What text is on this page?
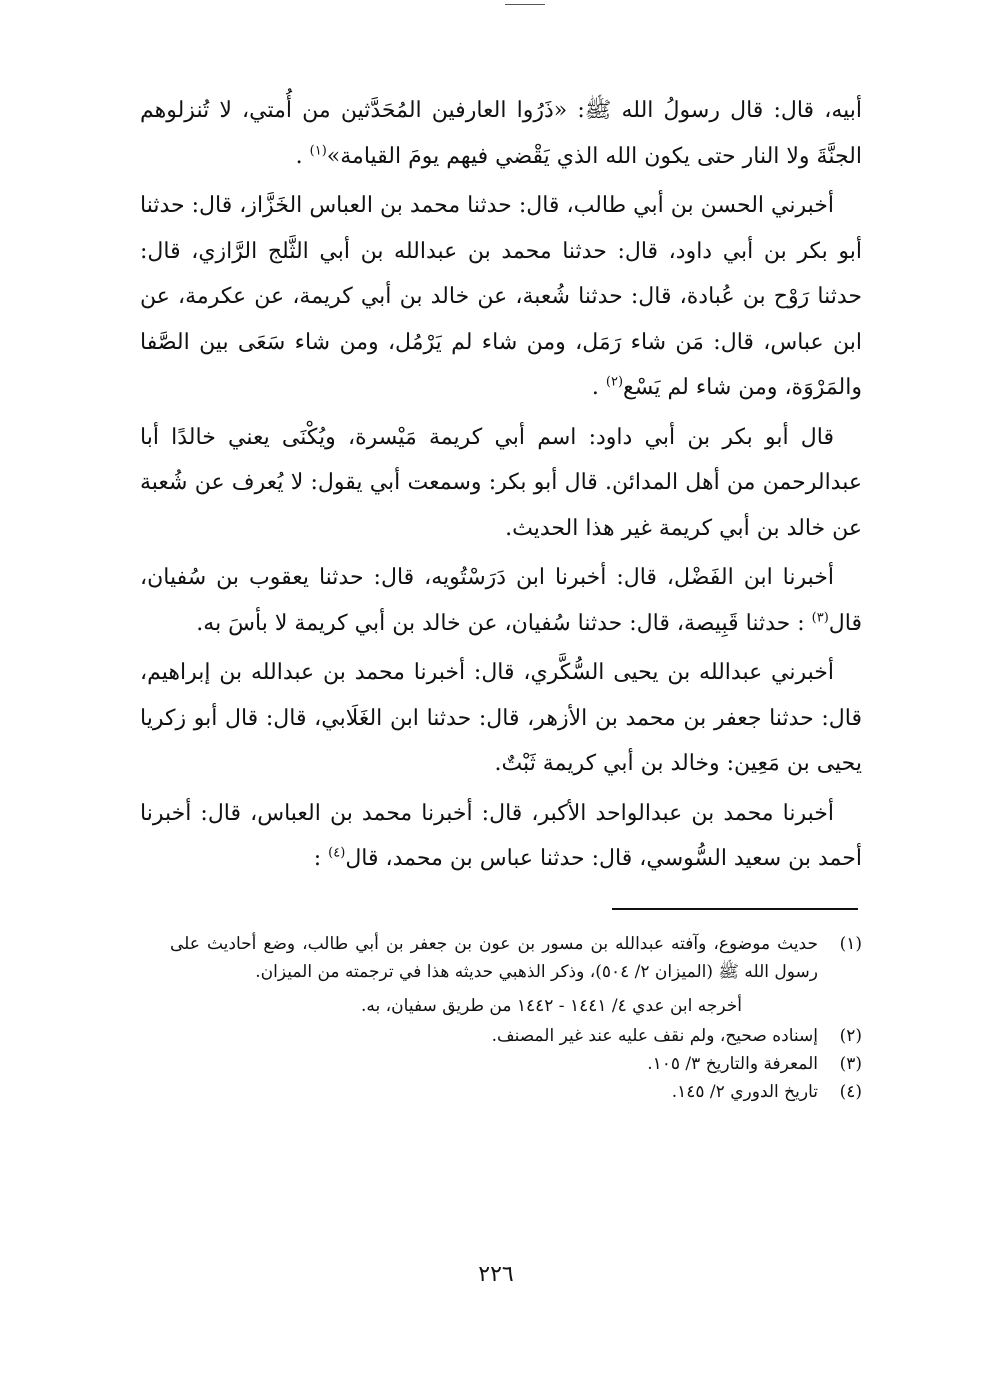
أبيه، قال: قال رسولُ الله ﷺ: «ذَرُوا العارفين المُحَدَّثين من أُمتي، لا تُنزلوهم الجنَّةَ ولا النار حتى يكون الله الذي يَقْضي فيهم يومَ القيامة»$^{(١)}$ .

أخبرني الحسن بن أبي طالب، قال: حدثنا محمد بن العباس الخَزَّاز، قال: حدثنا أبو بكر بن أبي داود، قال: حدثنا محمد بن عبدالله بن أبي الثَّلج الرَّازي، قال: حدثنا رَوْح بن عُبادة، قال: حدثنا شُعبة، عن خالد بن أبي كريمة، عن عكرمة، عن ابن عباس، قال: مَن شاء رَمَل، ومن شاء لم يَرْمُل، ومن شاء سَعَى بين الصَّفا والمَرْوَة، ومن شاء لم يَسْع$^{(٢)}$ .

قال أبو بكر بن أبي داود: اسم أبي كريمة مَيْسرة، ويُكْنَى يعني خالدًا أبا عبدالرحمن من أهل المدائن. قال أبو بكر: وسمعت أبي يقول: لا يُعرف عن شُعبة عن خالد بن أبي كريمة غير هذا الحديث.

أخبرنا ابن الفَضْل، قال: أخبرنا ابن دَرَسْتُويه، قال: حدثنا يعقوب بن سُفيان، قال$^{(٣)}$ : حدثنا قَبِيصة، قال: حدثنا سُفيان، عن خالد بن أبي كريمة لا بأسَ به.

أخبرني عبدالله بن يحيى السُّكَّري، قال: أخبرنا محمد بن عبدالله بن إبراهيم، قال: حدثنا جعفر بن محمد بن الأزهر، قال: حدثنا ابن الغَلَابي، قال: قال أبو زكريا يحيى بن مَعِين: وخالد بن أبي كريمة ثَبْتٌ.

أخبرنا محمد بن عبدالواحد الأكبر، قال: أخبرنا محمد بن العباس، قال: أخبرنا أحمد بن سعيد السُّوسي، قال: حدثنا عباس بن محمد، قال$^{(٤)}$ :

(١)
حديث موضوع، وآفته عبدالله بن مسور بن عون بن جعفر بن أبي طالب، وضع أحاديث على رسول الله ﷺ (الميزان ٢/ ٥٠٤)، وذكر الذهبي حديثه هذا في ترجمته من الميزان.
أخرجه ابن عدي ٤/ ١٤٤١ - ١٤٤٢ من طريق سفيان، به.
(٢)
إسناده صحيح، ولم نقف عليه عند غير المصنف.
(٣)
المعرفة والتاريخ ٣/ ١٠٥.
(٤)
تاريخ الدوري ٢/ ١٤٥.
٢٢٦
